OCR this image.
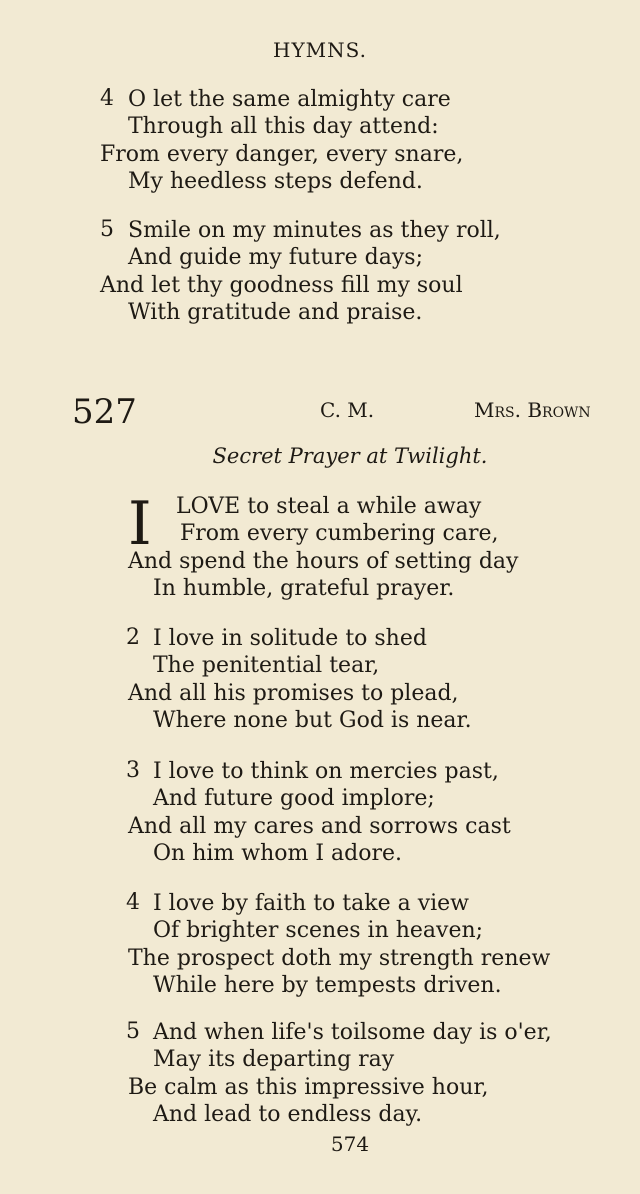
HYMNS.
4 O let the same almighty care
Through all this day attend:
From every danger, every snare,
My heedless steps defend.
5 Smile on my minutes as they roll,
And guide my future days;
And let thy goodness fill my soul
With gratitude and praise.
527	C. M.	Mrs. Brown
Secret Prayer at Twilight.
I LOVE to steal a while away
From every cumbering care,
And spend the hours of setting day
In humble, grateful prayer.
2 I love in solitude to shed
The penitential tear,
And all his promises to plead,
Where none but God is near.
3 I love to think on mercies past,
And future good implore;
And all my cares and sorrows cast
On him whom I adore.
4 I love by faith to take a view
Of brighter scenes in heaven;
The prospect doth my strength renew
While here by tempests driven.
5 And when life's toilsome day is o'er,
May its departing ray
Be calm as this impressive hour,
And lead to endless day.
574
